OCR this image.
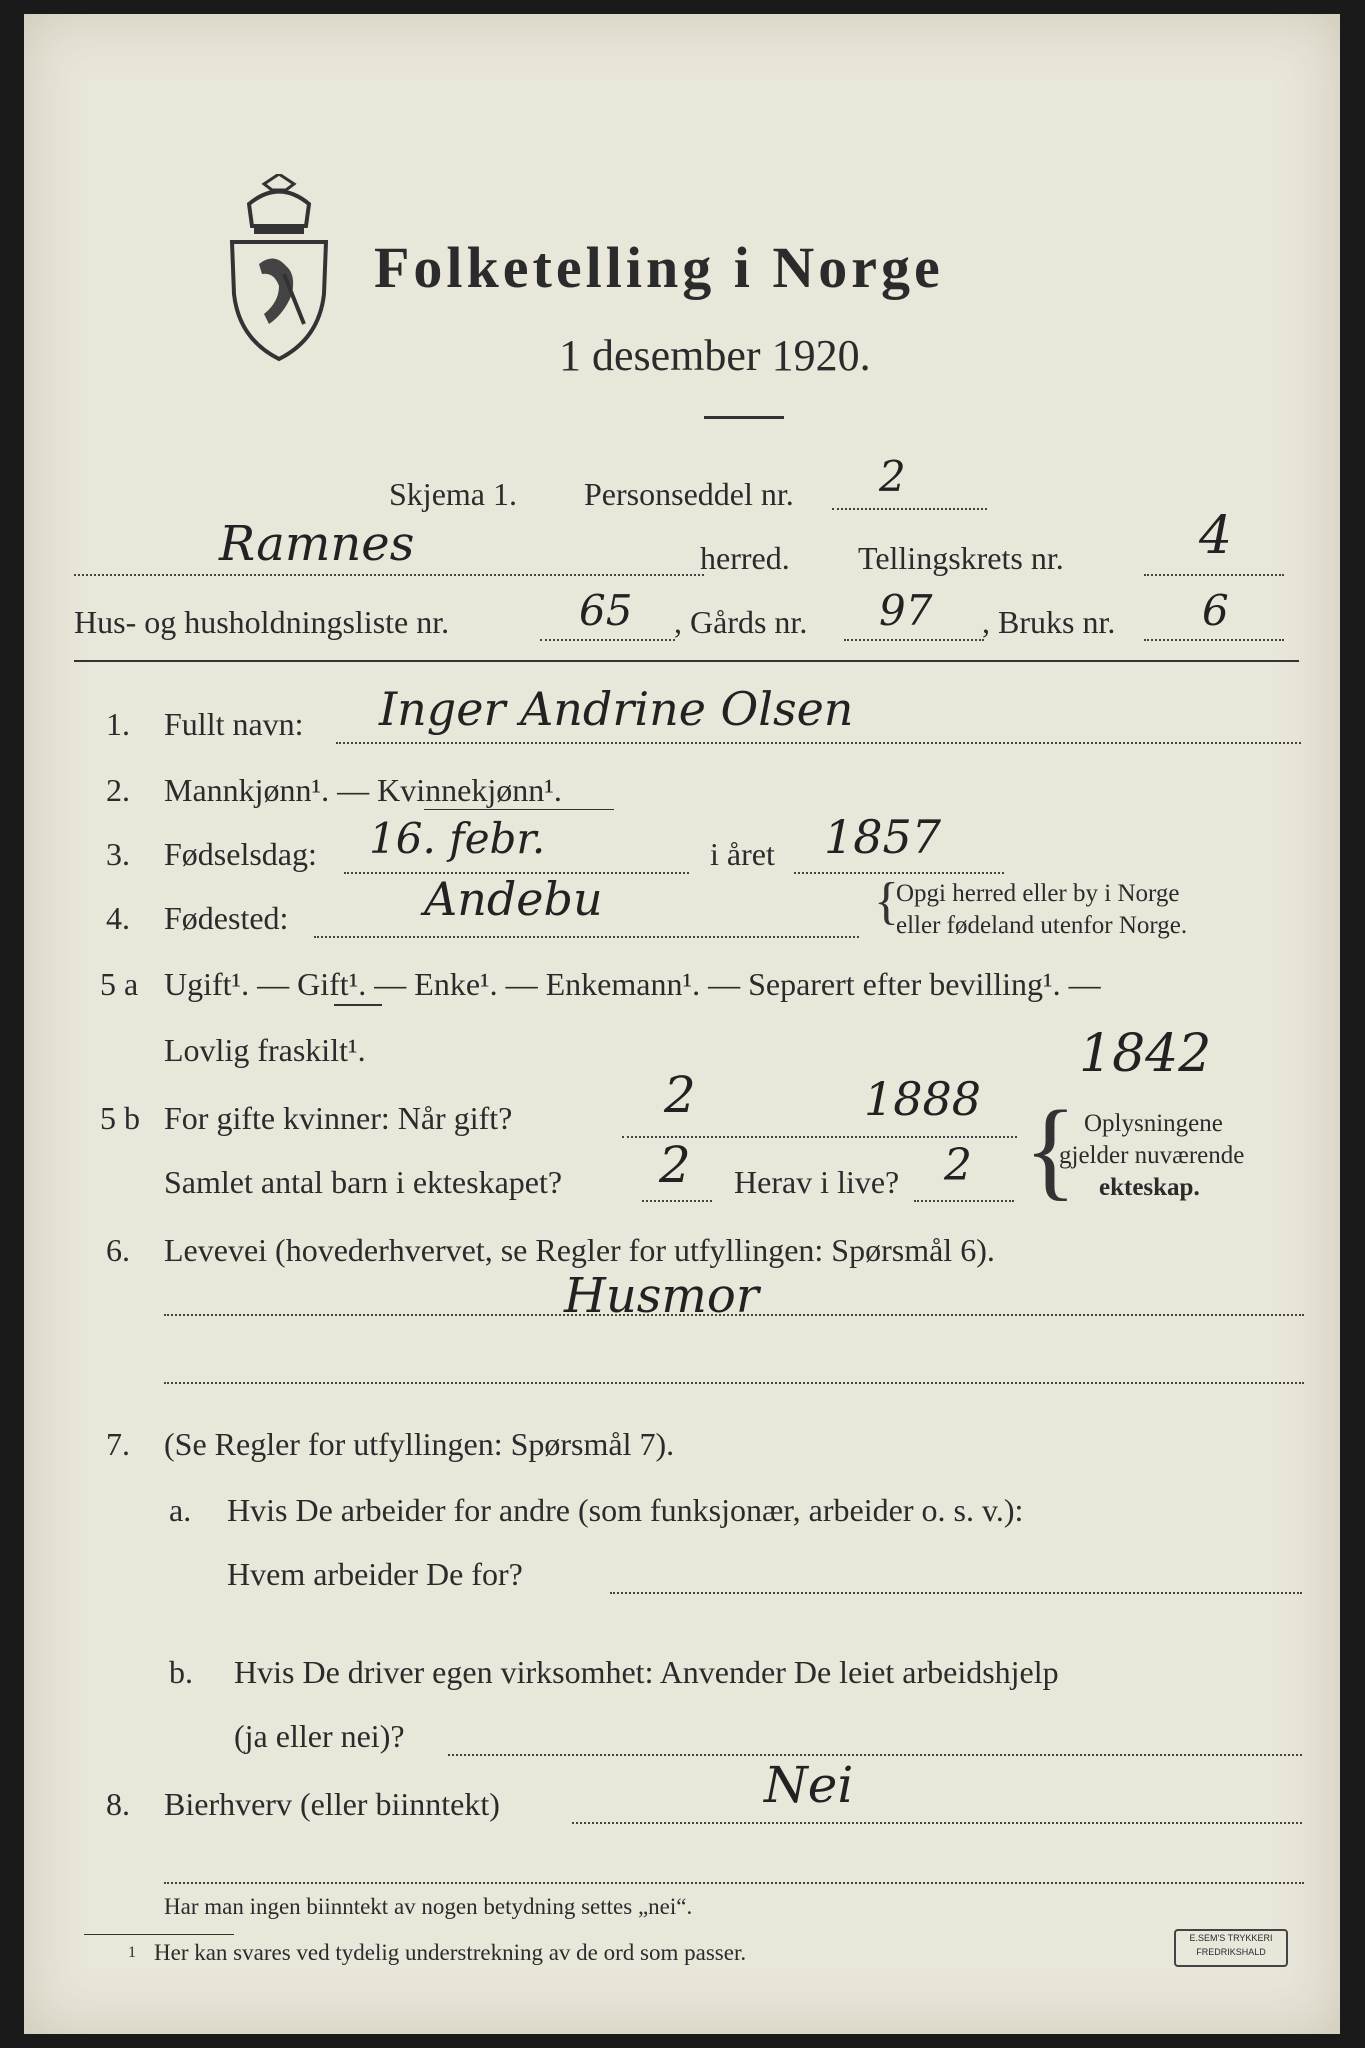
Folketelling i Norge
1 desember 1920.
Skjema 1. Personseddel nr. 2
Ramnes	herred. Tellingskrets nr.	4
Hus- og husholdningsliste nr.	65 , Gårds nr. 97 , Bruks nr. 6
1. Fullt navn: Inger Andrine Olsen
2. Mannkjønn¹. — Kvinnekjønn¹.
3. Fødselsdag: 16. febr.	i året 1857
4. Fødested:	Andebu	{
Opgi herred eller by i Norge
eller fødeland utenfor Norge.
5 a Ugift¹. — Gift¹. — Enke¹. — Enkemann¹. — Separert efter bevilling¹. —
Lovlig fraskilt¹.
5 b For gifte kvinner: Når gift?	2	1888
1842
Samlet antal barn i ekteskapet? 2 Herav i live? 2 { Oplysningene
gjelder nuværende
ekteskap.
6. Levevei (hovederhvervet, se Regler for utfyllingen: Spørsmål 6).
Husmor
7. (Se Regler for utfyllingen: Spørsmål 7).
a. Hvis De arbeider for andre (som funksjonær, arbeider o. s. v.):
Hvem arbeider De for?
b. Hvis De driver egen virksomhet: Anvender De leiet arbeidshjelp
(ja eller nei)?
8. Bierhverv (eller biinntekt)	Nei
Har man ingen biinntekt av nogen betydning settes „nei“.
1 Her kan svares ved tydelig understrekning av de ord som passer.
E.SEM'S TRYKKERI
FREDRIKSHALD
